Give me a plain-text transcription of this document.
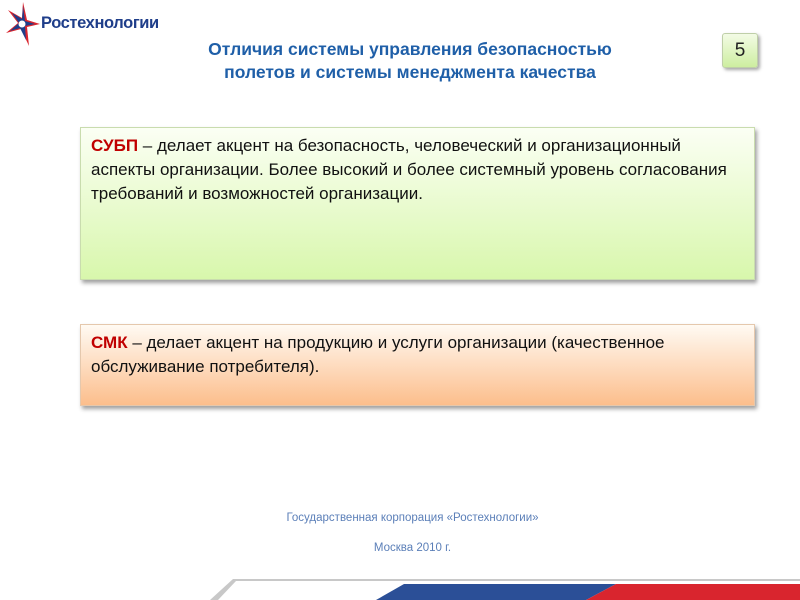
Ростехнологии
Отличия системы управления безопасностью
полетов и системы менеджмента качества
5
СУБП – делает акцент на безопасность, человеческий и организационный аспекты организации. Более высокий и более системный уровень согласования требований и возможностей организации.
СМК – делает акцент на продукцию и услуги организации (качественное обслуживание потребителя).
Государственная корпорация «Ростехнологии»
Москва 2010 г.
